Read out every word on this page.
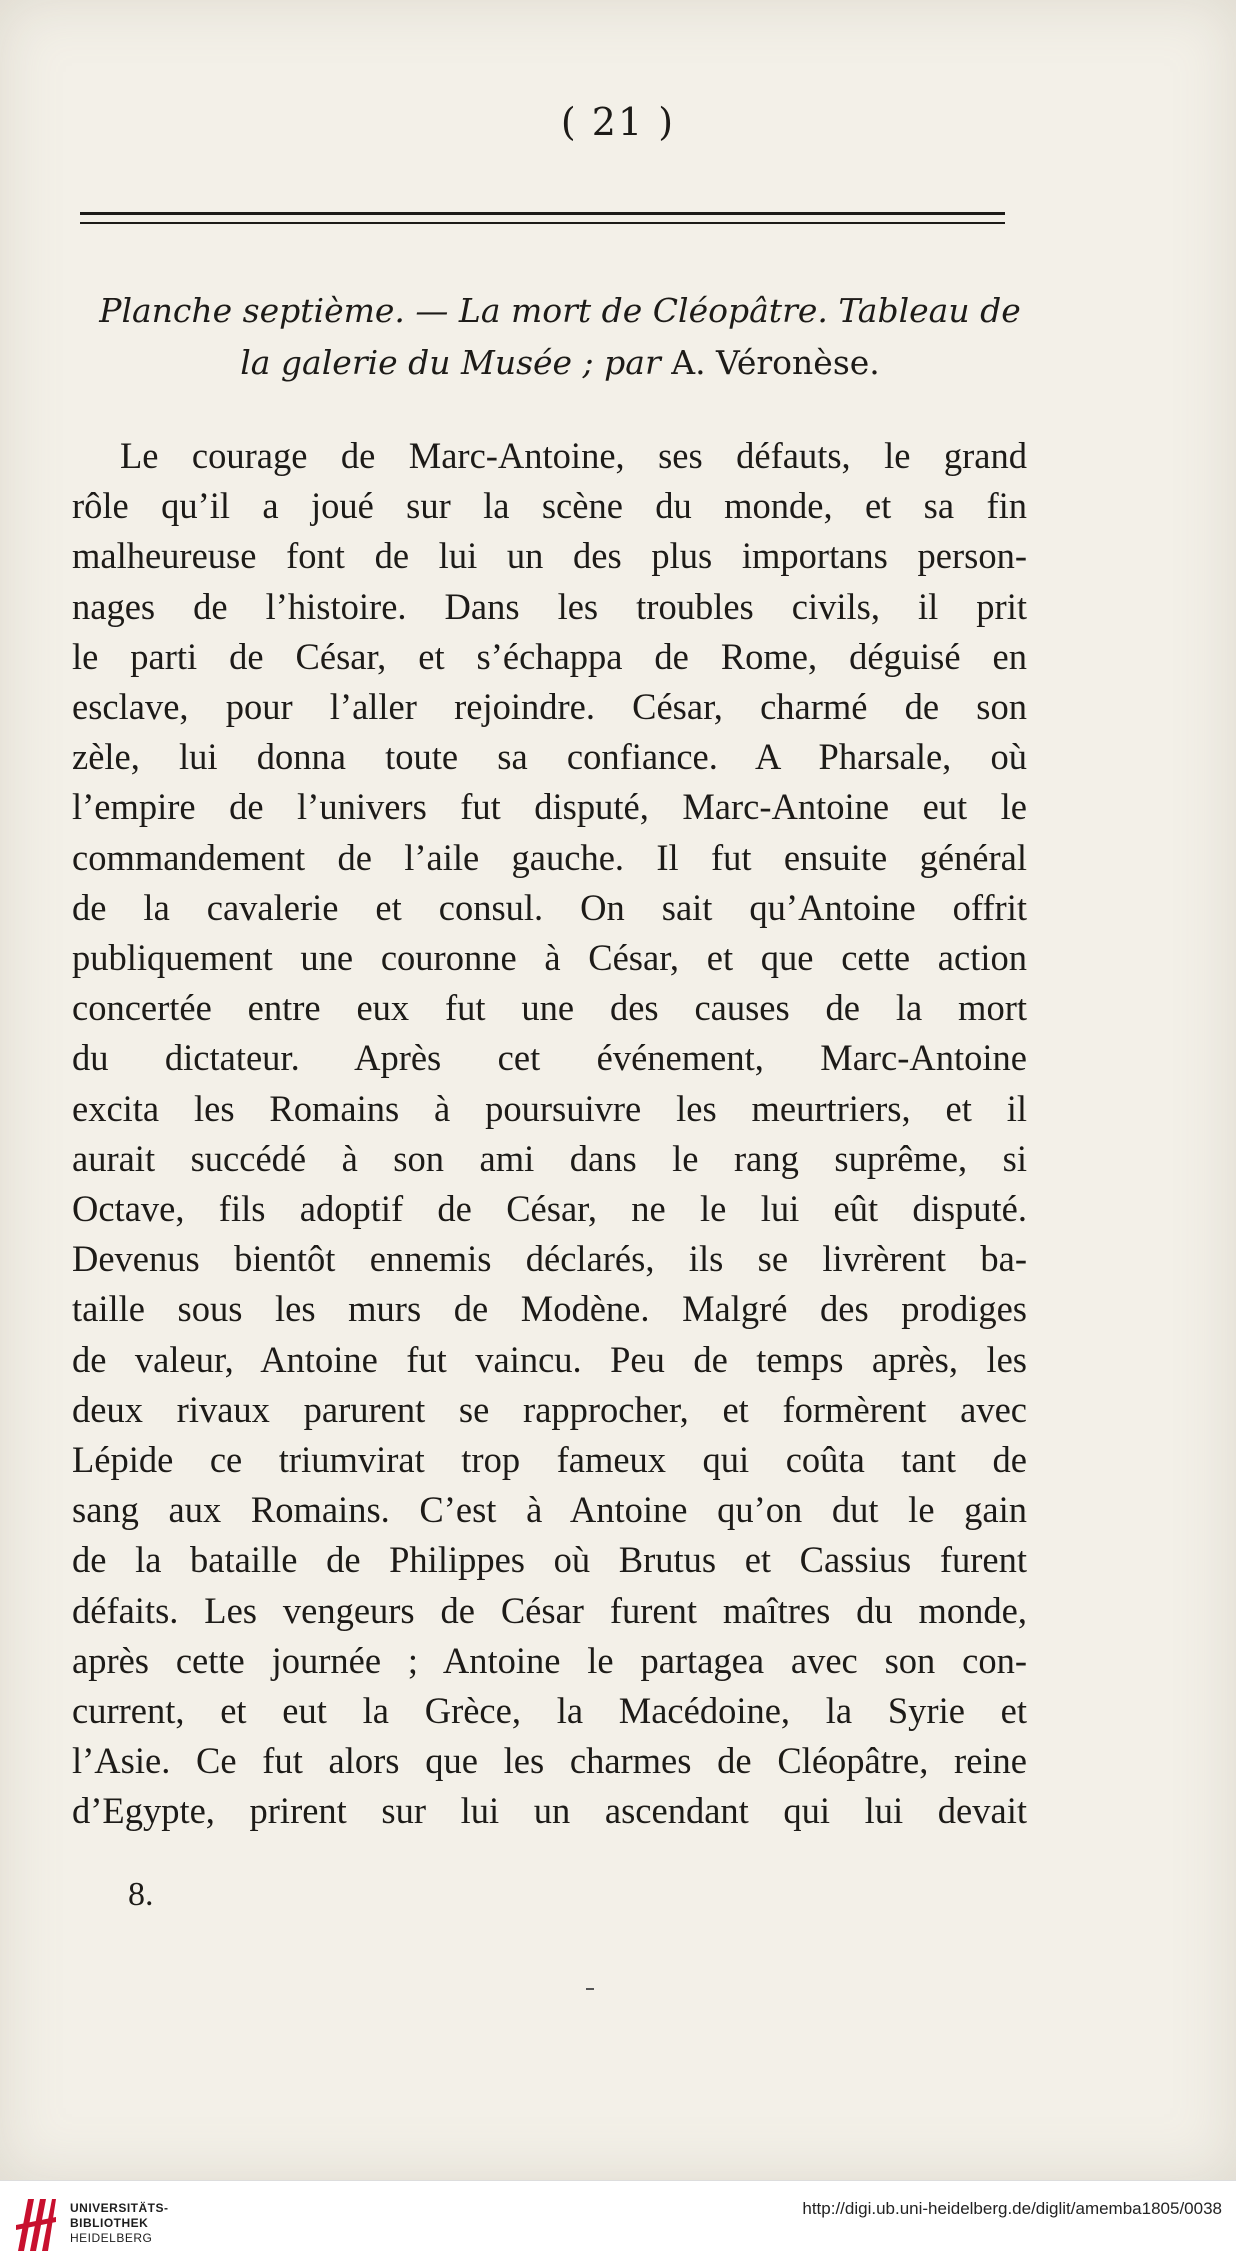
( 21 )
Planche septième. — La mort de Cléopâtre. Tableau de
la galerie du Musée ; par A. Véronèse.
Le courage de Marc-Antoine, ses défauts, le grand
rôle qu’il a joué sur la scène du monde, et sa fin
malheureuse font de lui un des plus importans person-
nages de l’histoire. Dans les troubles civils, il prit
le parti de César, et s’échappa de Rome, déguisé en
esclave, pour l’aller rejoindre. César, charmé de son
zèle, lui donna toute sa confiance. A Pharsale, où
l’empire de l’univers fut disputé, Marc-Antoine eut le
commandement de l’aile gauche. Il fut ensuite général
de la cavalerie et consul. On sait qu’Antoine offrit
publiquement une couronne à César, et que cette action
concertée entre eux fut une des causes de la mort
du dictateur. Après cet événement, Marc-Antoine
excita les Romains à poursuivre les meurtriers, et il
aurait succédé à son ami dans le rang suprême, si
Octave, fils adoptif de César, ne le lui eût disputé.
Devenus bientôt ennemis déclarés, ils se livrèrent ba-
taille sous les murs de Modène. Malgré des prodiges
de valeur, Antoine fut vaincu. Peu de temps après, les
deux rivaux parurent se rapprocher, et formèrent avec
Lépide ce triumvirat trop fameux qui coûta tant de
sang aux Romains. C’est à Antoine qu’on dut le gain
de la bataille de Philippes où Brutus et Cassius furent
défaits. Les vengeurs de César furent maîtres du monde,
après cette journée ; Antoine le partagea avec son con-
current, et eut la Grèce, la Macédoine, la Syrie et
l’Asie. Ce fut alors que les charmes de Cléopâtre, reine
d’Egypte, prirent sur lui un ascendant qui lui devait
8.
UNIVERSITÄTS-
BIBLIOTHEK
HEIDELBERG
http://digi.ub.uni-heidelberg.de/diglit/amemba1805/0038
